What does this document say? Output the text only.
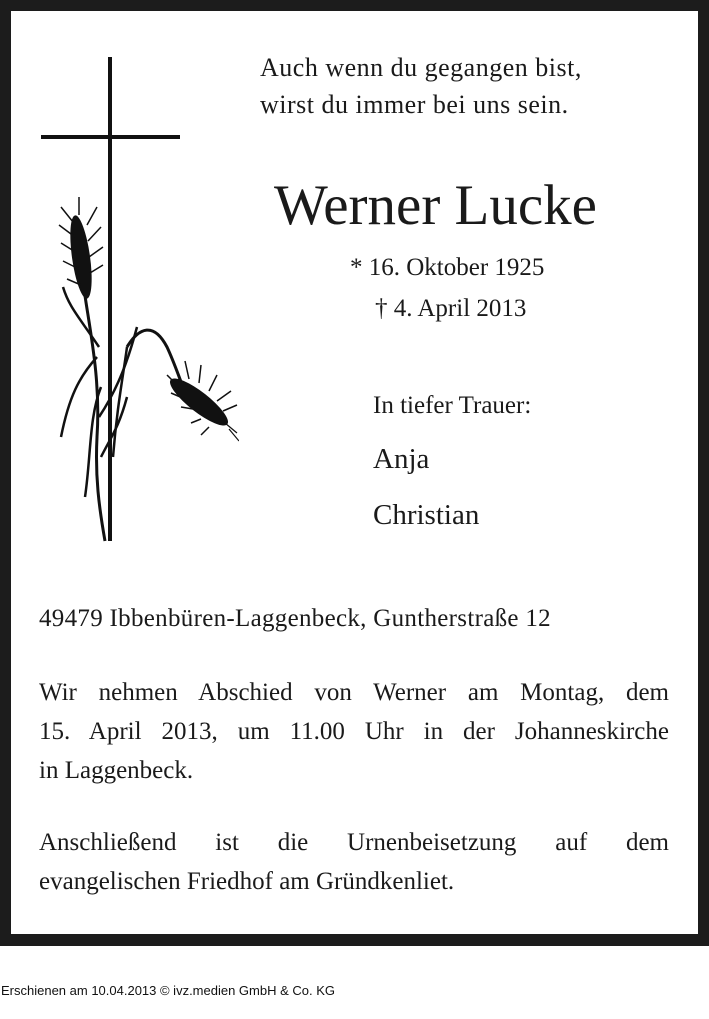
Auch wenn du gegangen bist,
wirst du immer bei uns sein.
Werner Lucke
* 16. Oktober 1925
† 4. April 2013
In tiefer Trauer:
Anja
Christian
49479 Ibbenbüren-Laggenbeck, Guntherstraße 12
Wir nehmen Abschied von Werner am Montag, dem
15. April 2013, um 11.00 Uhr in der Johanneskirche
in Laggenbeck.
Anschließend ist die Urnenbeisetzung auf dem
evangelischen Friedhof am Gründkenliet.
Erschienen am 10.04.2013 © ivz.medien GmbH & Co. KG
